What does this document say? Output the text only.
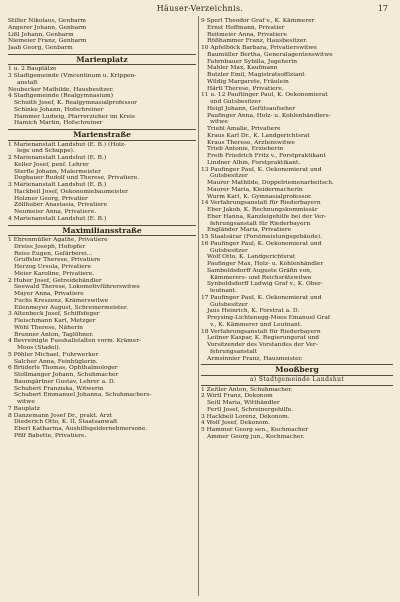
Häuser-Verzeichnis.	17
Stiller Nikolaus, Genbarm
Angerer Johann, Genbarm
Lißl Johann, Genbarm
Niemeier Franz, Genbarm
Jaab Georg, Genbarm
Marienplatz
1 u. 2 Bauplätze
3 Stadtgemeinde (Vincentinum u. Krippen-
anstalt
Neubecker Mathilde, Hausbesitzer.
4 Stadtgemeinde (Realgymnasium)
Schuith Josef, K. Realgymnasialprofessor
Schinke Johann, Hofschreiner
Hammer Ludwig, Pfarrerzieher im Kreis
Hamich Martin, Hofschreiner
Marienstraße
1 Marienanstalt Landshut (E. B.) (Holz-
lege und Schuppe).
2 Marienanstalt Landshut (E. B.)
Keller Josef, penf. Lehrer
Sterfle Johann, Malermeister
Dogbauer Rudolf und Therese, Privatiere.
3 Marienanstalt Landshut (E. B.)
Hackbeil Josef, Oekonomiebaumeister
Holzner Georg, Privatier
Zöllhuber Anastasia, Privatiere
Neumeier Anna, Privatiere.
4 Marienanstalt Landshut (E. B.)
Maximiliansstraße
1 Ehrenmüller Agathe, Privatiere
Dreiss Joseph, Hofopfer
Reiss Eugen, Gefärberei...
Gruffster Therese, Privatiere
Herzog Ursula, Privatiere
Meier Karoline, Privatiere.
2 Huber Josef, Getreidehändler
Seewald Therese, Lokomotivführerswitwe
Mayer Anna, Privatiere
Fuchs Kreszenz, Krämerswitwe
Eilenmeyer August, Schreinermeister.
3 Altenbeck Josef, Schiffsfeger
Fleischmann Karl, Metzger
Wöhl Therese, Näherin
Brunner Anton, Taglöhner.
4 Bevreinigte Fusshallstalten vorm. Krämer-
Moos (Stadel).
5 Pöhler Michael, Fuhrwerker
Salcher Anna, Feinbüglerin.
6 Brüderle Thomas, Ophthalmologer
Stollmanger Johann, Schuhmacher
Baumgärtner Gustav, Lehrer a. D.
Schubert Franziska, Witwerin
Schubert Emmanuel Johanna, Schuhmachers-
witwe
7 Bauplatz
8 Danzemann Josef Dr., prakt. Arzt
Diederich Otto, K. II. Staatsanwalt
Eberl Katharina, Aushilfsgeldernehmersone.
Pfilf Babette, Privatiere.
9 Sperl Theodor Graf v., K. Kämmerer
Ernst Hoffmann, Privatier
Reitmeier Anna, Privatiere
Rößhammer Franz, Hausbesitzer.
10 Apfelböck Barbara, Privatierswitwe
Baumüller Bertha, Generalagentenswitwe
Fahrnbauer Sybilla, Jugeherin
Mahler Max, Kaufmann
Butzler Emil, Magistratsoffiziant
Wildig Margarete, Fräulein
Härtl Therese, Privatiere.
11 u. 12 Pauftinger Paul, K. Oekonomierat
und Gutsbesitzer
Heigl Johann, Gefütsaufseher
Paufinger Anna, Holz- u. Kohlenhändlers-
witwe
Triebl Amalie, Privatiere
Kraus Karl Dr., K. Landgerichtsrat
Kraus Therese, Arztenswitwe
Trieb Antonie, Erzieherin
Freih Friedrich Fritz v., Forstpraktikant
Lindner Albin, Forstpraktikant.
13 Paufinger Paul, K. Oekonomierat und
Gutsbesitzer
Maurer Mathilde, Doppelriemenarbeitsch.
Maurer Maria, Kleidermacherin
Wurm Karl, K. Gymnasialprofessor.
14 Verfahrungsanstalt für Riederbayern
Eber Jakob, K. Rechnungskommissär
Eber Hanna, Kanzleigehilfe bei der Ver-
fehrungsanstalt für Riederbayern
Engländer Maria, Privatiere
15 Staatsärar (Forstmeistungsgebäude).
16 Paufinger Paul, K. Oekonomierat und
Gutsbesitzer
Wolf Otto, K. Landgerichtsrat
Paufinger Max, Holz- u. Kohlenhändler
Samboldsdorff Auguste Gräfin von,
Kämmerers- und Reichsrätswitwe
Synboldsdorff Ludwig Graf v., K. Ober-
leutnant.
17 Paufinger Paul, K. Oekonomierat und
Gutsbesitzer
Jaus Heinrich, K. Forstrat a. D.
Preysing-Lichtenegg-Moos Emanuel Graf
v., K. Kämmerer und Leutnant.
18 Verfahrungsanstalt für Riederbayern
Leitner Kaspar, K. Regierungsrat und
Vorsitzender des Vorstandes der Ver-
fehrungsanstalt
Armsinnier Franz, Hausmeister.
Mooßberg
a) Stadtgemeinde Landshut
1 Zeitler Anton, Schuhmacher.
2 Wirtl Franz, Dekonom
Seitl Maria, Witthändler
Fertl Josef, Schreinergehilfe.
3 Hackbeil Lorenz, Dekonom.
4 Wolf Josef, Dekonom.
5 Hammer Georg sen., Kochmacher
Ammer Georg jun., Kochmacher.
